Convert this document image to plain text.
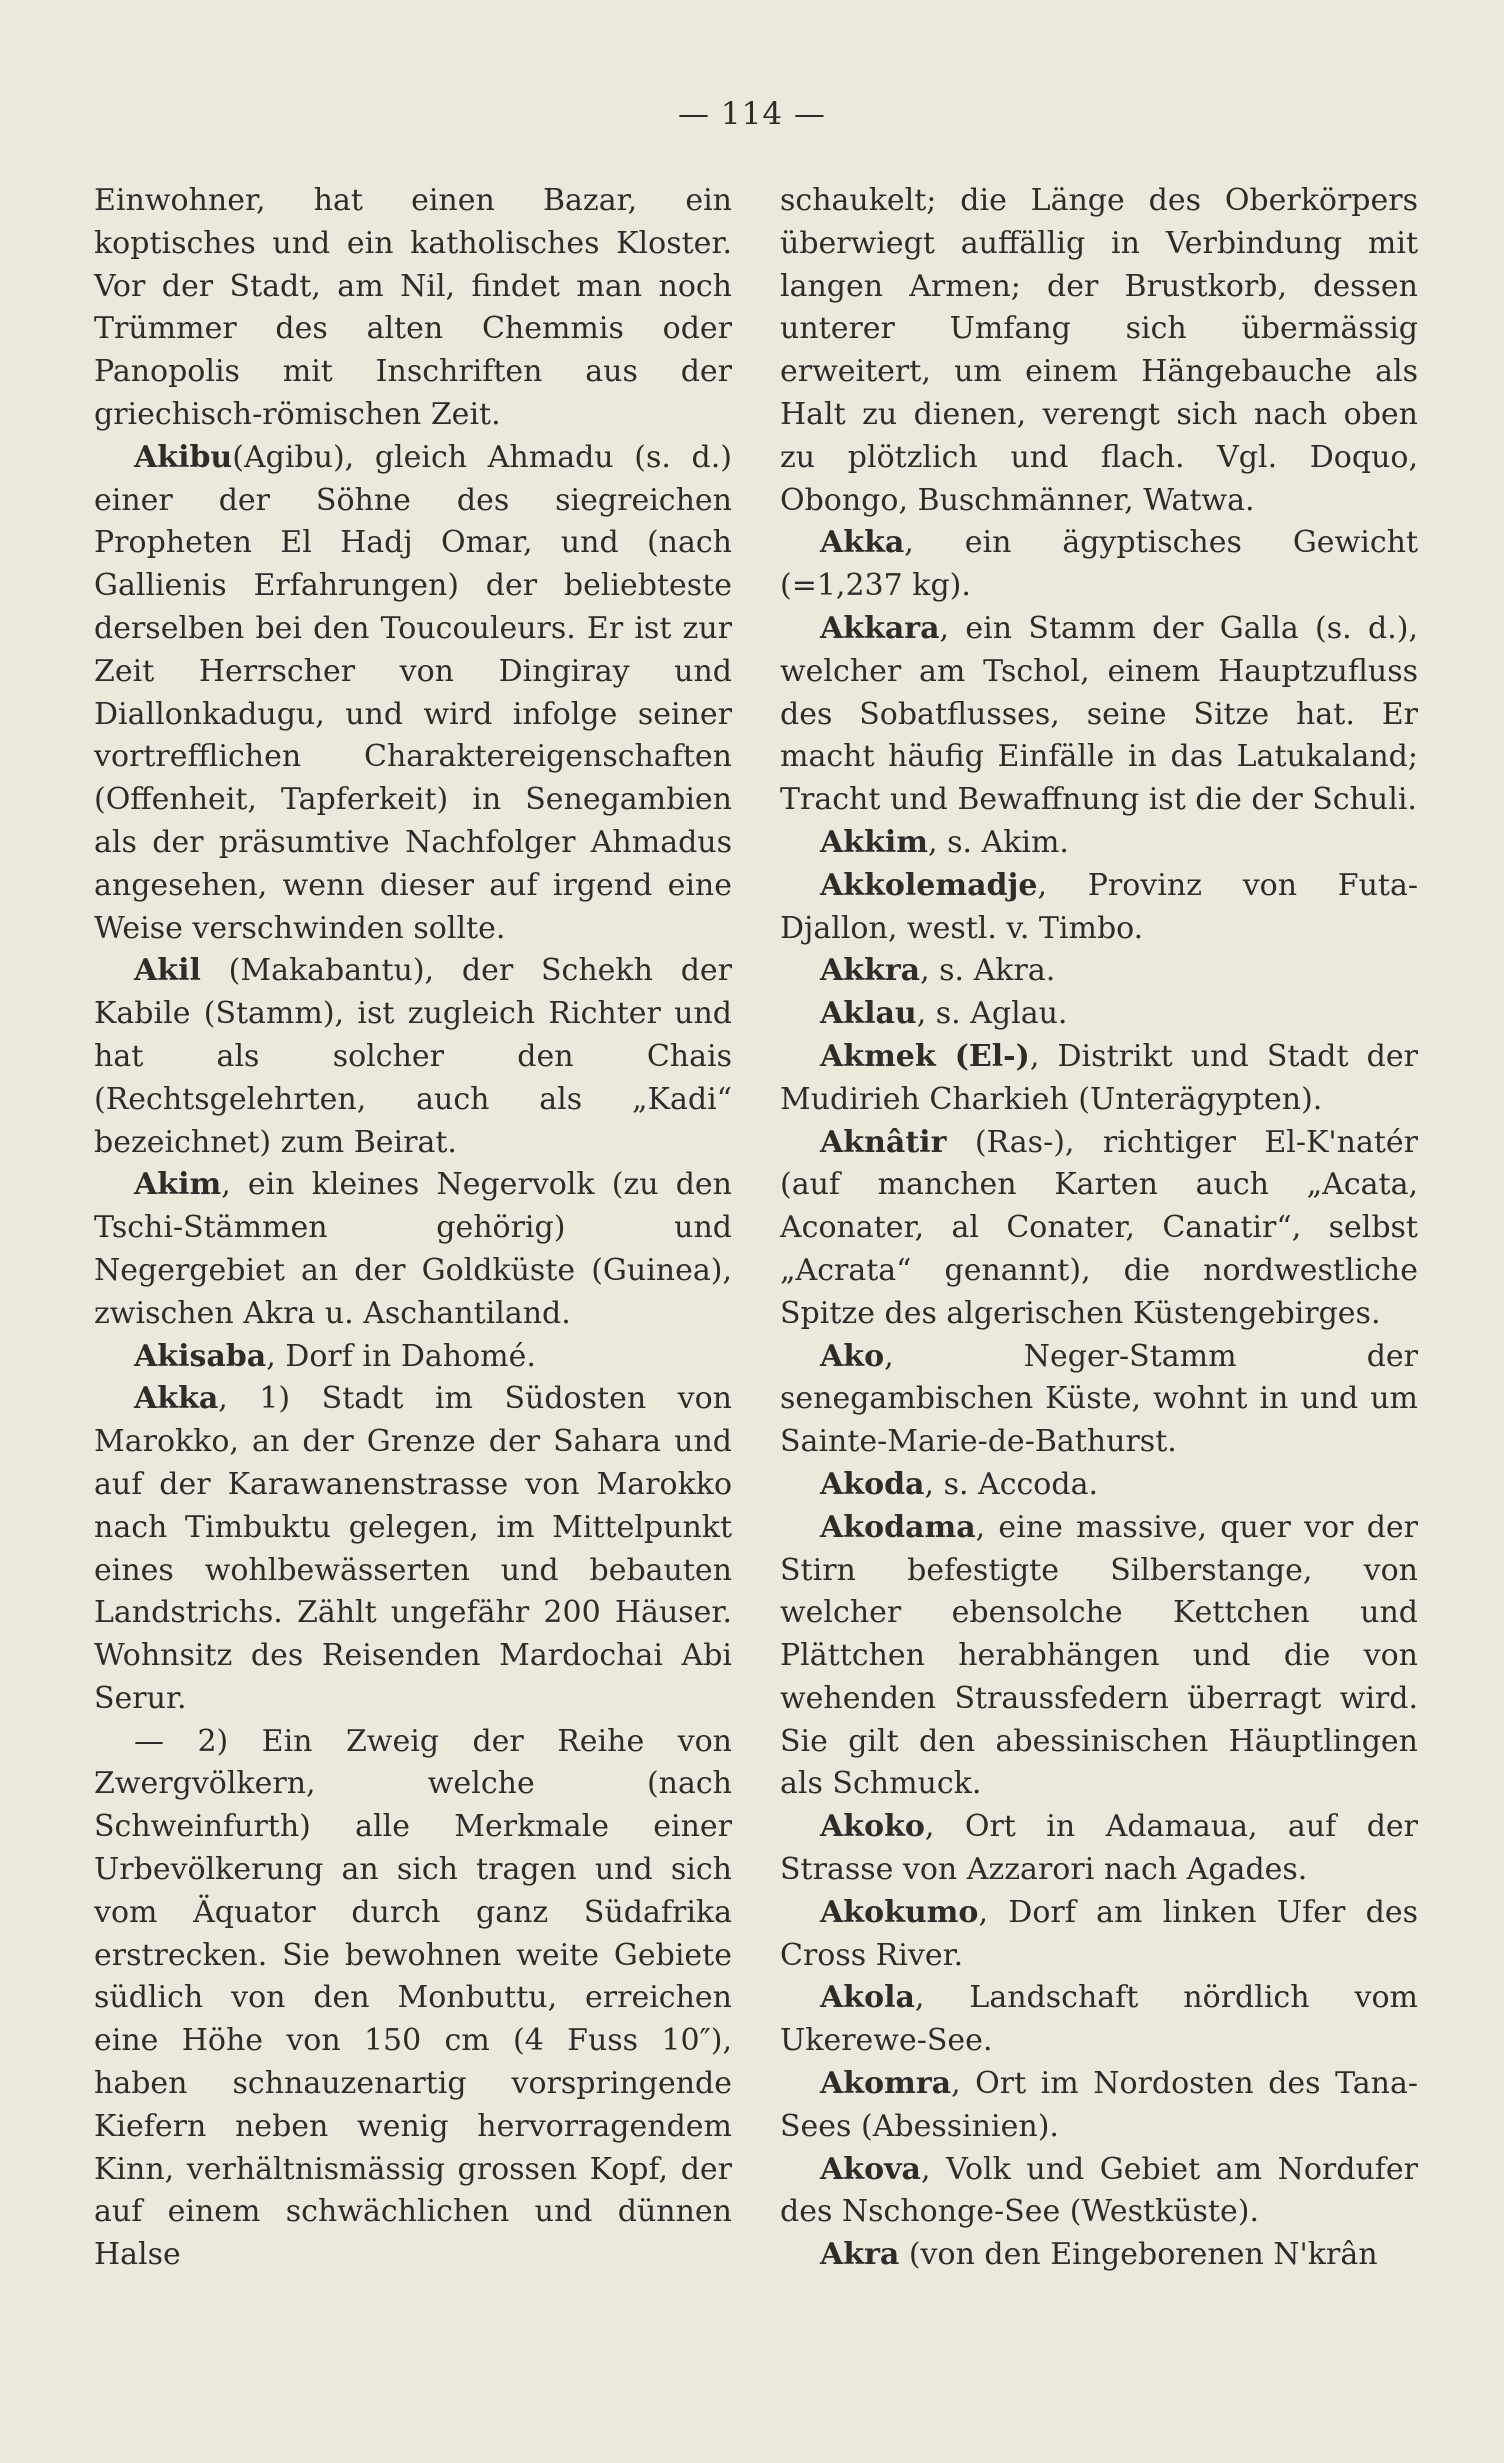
— 114 —

Einwohner, hat einen Bazar, ein koptisches und ein katholisches Kloster. Vor der Stadt, am Nil, findet man noch Trümmer des alten Chemmis oder Panopolis mit Inschriften aus der griechisch-römischen Zeit.

Akibu(Agibu), gleich Ahmadu (s. d.) einer der Söhne des siegreichen Propheten El Hadj Omar, und (nach Gallienis Erfahrungen) der beliebteste derselben bei den Toucouleurs. Er ist zur Zeit Herrscher von Dingiray und Diallonkadugu, und wird infolge seiner vortrefflichen Charaktereigenschaften (Offenheit, Tapferkeit) in Senegambien als der präsumtive Nachfolger Ahmadus angesehen, wenn dieser auf irgend eine Weise verschwinden sollte.

Akil (Makabantu), der Schekh der Kabile (Stamm), ist zugleich Richter und hat als solcher den Chais (Rechtsgelehrten, auch als „Kadi“ bezeichnet) zum Beirat.

Akim, ein kleines Negervolk (zu den Tschi-Stämmen gehörig) und Negergebiet an der Goldküste (Guinea), zwischen Akra u. Aschantiland.

Akisaba, Dorf in Dahomé.

Akka, 1) Stadt im Südosten von Marokko, an der Grenze der Sahara und auf der Karawanenstrasse von Marokko nach Timbuktu gelegen, im Mittelpunkt eines wohlbewässerten und bebauten Landstrichs. Zählt ungefähr 200 Häuser. Wohnsitz des Reisenden Mardochai Abi Serur.

— 2) Ein Zweig der Reihe von Zwergvölkern, welche (nach Schweinfurth) alle Merkmale einer Urbevölkerung an sich tragen und sich vom Äquator durch ganz Südafrika erstrecken. Sie bewohnen weite Gebiete südlich von den Monbuttu, erreichen eine Höhe von 150 cm (4 Fuss 10″), haben schnauzenartig vorspringende Kiefern neben wenig hervorragendem Kinn, verhältnismässig grossen Kopf, der auf einem schwächlichen und dünnen Halse

schaukelt; die Länge des Oberkörpers überwiegt auffällig in Verbindung mit langen Armen; der Brustkorb, dessen unterer Umfang sich übermässig erweitert, um einem Hängebauche als Halt zu dienen, verengt sich nach oben zu plötzlich und flach. Vgl. Doquo, Obongo, Buschmänner, Watwa.

Akka, ein ägyptisches Gewicht (=1,237 kg).

Akkara, ein Stamm der Galla (s. d.), welcher am Tschol, einem Hauptzufluss des Sobatflusses, seine Sitze hat. Er macht häufig Einfälle in das Latukaland; Tracht und Bewaffnung ist die der Schuli.

Akkim, s. Akim.

Akkolemadje, Provinz von Futa-Djallon, westl. v. Timbo.

Akkra, s. Akra.

Aklau, s. Aglau.

Akmek (El-), Distrikt und Stadt der Mudirieh Charkieh (Unterägypten).

Aknâtir (Ras-), richtiger El-K'natér (auf manchen Karten auch „Acata, Aconater, al Conater, Canatir“, selbst „Acrata“ genannt), die nordwestliche Spitze des algerischen Küstengebirges.

Ako, Neger-Stamm der senegambischen Küste, wohnt in und um Sainte-Marie-de-Bathurst.

Akoda, s. Accoda.

Akodama, eine massive, quer vor der Stirn befestigte Silberstange, von welcher ebensolche Kettchen und Plättchen herabhängen und die von wehenden Straussfedern überragt wird. Sie gilt den abessinischen Häuptlingen als Schmuck.

Akoko, Ort in Adamaua, auf der Strasse von Azzarori nach Agades.

Akokumo, Dorf am linken Ufer des Cross River.

Akola, Landschaft nördlich vom Ukerewe-See.

Akomra, Ort im Nordosten des Tana-Sees (Abessinien).

Akova, Volk und Gebiet am Nordufer des Nschonge-See (Westküste).

Akra (von den Eingeborenen N'krân
